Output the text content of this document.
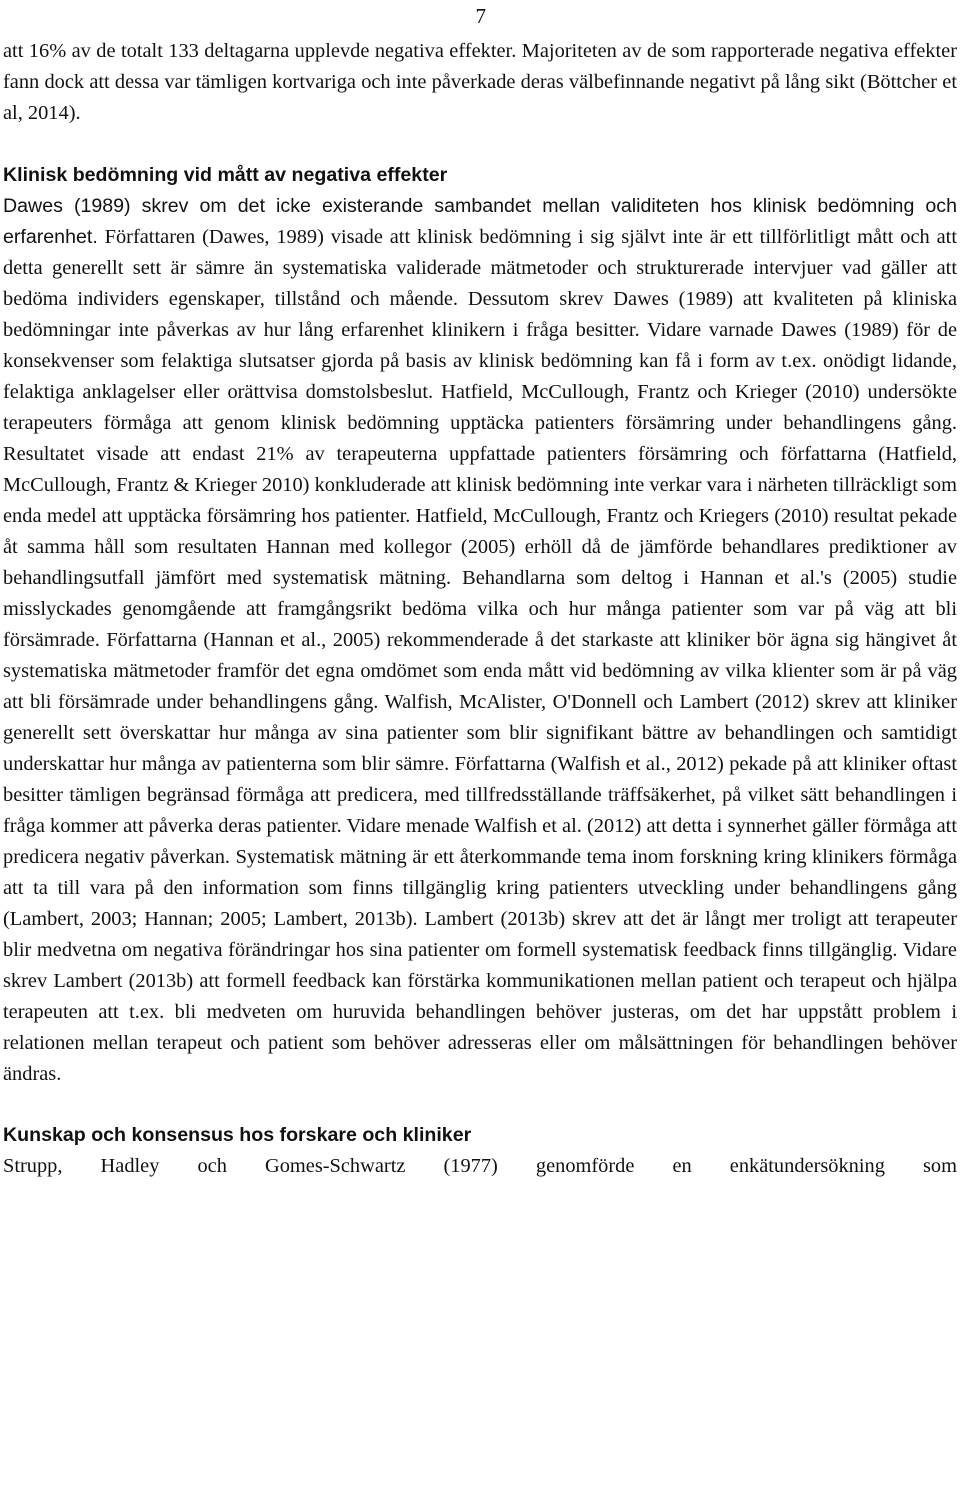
7

att 16% av de totalt 133 deltagarna upplevde negativa effekter. Majoriteten av de som rapporterade negativa effekter fann dock att dessa var tämligen kortvariga och inte påverkade deras välbefinnande negativt på lång sikt (Böttcher et al, 2014).

Klinisk bedömning vid mått av negativa effekter

Dawes (1989) skrev om det icke existerande sambandet mellan validiteten hos klinisk bedömning och erfarenhet. Författaren (Dawes, 1989) visade att klinisk bedömning i sig självt inte är ett tillförlitligt mått och att detta generellt sett är sämre än systematiska validerade mätmetoder och strukturerade intervjuer vad gäller att bedöma individers egenskaper, tillstånd och mående. Dessutom skrev Dawes (1989) att kvaliteten på kliniska bedömningar inte påverkas av hur lång erfarenhet klinikern i fråga besitter. Vidare varnade Dawes (1989) för de konsekvenser som felaktiga slutsatser gjorda på basis av klinisk bedömning kan få i form av t.ex. onödigt lidande, felaktiga anklagelser eller orättvisa domstolsbeslut. Hatfield, McCullough, Frantz och Krieger (2010) undersökte terapeuters förmåga att genom klinisk bedömning upptäcka patienters försämring under behandlingens gång. Resultatet visade att endast 21% av terapeuterna uppfattade patienters försämring och författarna (Hatfield, McCullough, Frantz & Krieger 2010) konkluderade att klinisk bedömning inte verkar vara i närheten tillräckligt som enda medel att upptäcka försämring hos patienter. Hatfield, McCullough, Frantz och Kriegers (2010) resultat pekade åt samma håll som resultaten Hannan med kollegor (2005) erhöll då de jämförde behandlares prediktioner av behandlingsutfall jämfört med systematisk mätning. Behandlarna som deltog i Hannan et al.'s (2005) studie misslyckades genomgående att framgångsrikt bedöma vilka och hur många patienter som var på väg att bli försämrade. Författarna (Hannan et al., 2005) rekommenderade å det starkaste att kliniker bör ägna sig hängivet åt systematiska mätmetoder framför det egna omdömet som enda mått vid bedömning av vilka klienter som är på väg att bli försämrade under behandlingens gång. Walfish, McAlister, O'Donnell och Lambert (2012) skrev att kliniker generellt sett överskattar hur många av sina patienter som blir signifikant bättre av behandlingen och samtidigt underskattar hur många av patienterna som blir sämre. Författarna (Walfish et al., 2012) pekade på att kliniker oftast besitter tämligen begränsad förmåga att predicera, med tillfredsställande träffsäkerhet, på vilket sätt behandlingen i fråga kommer att påverka deras patienter. Vidare menade Walfish et al. (2012) att detta i synnerhet gäller förmåga att predicera negativ påverkan. Systematisk mätning är ett återkommande tema inom forskning kring klinikers förmåga att ta till vara på den information som finns tillgänglig kring patienters utveckling under behandlingens gång (Lambert, 2003; Hannan; 2005; Lambert, 2013b). Lambert (2013b) skrev att det är långt mer troligt att terapeuter blir medvetna om negativa förändringar hos sina patienter om formell systematisk feedback finns tillgänglig. Vidare skrev Lambert (2013b) att formell feedback kan förstärka kommunikationen mellan patient och terapeut och hjälpa terapeuten att t.ex. bli medveten om huruvida behandlingen behöver justeras, om det har uppstått problem i relationen mellan terapeut och patient som behöver adresseras eller om målsättningen för behandlingen behöver ändras.

Kunskap och konsensus hos forskare och kliniker

Strupp, Hadley och Gomes-Schwartz (1977) genomförde en enkätundersökning som
